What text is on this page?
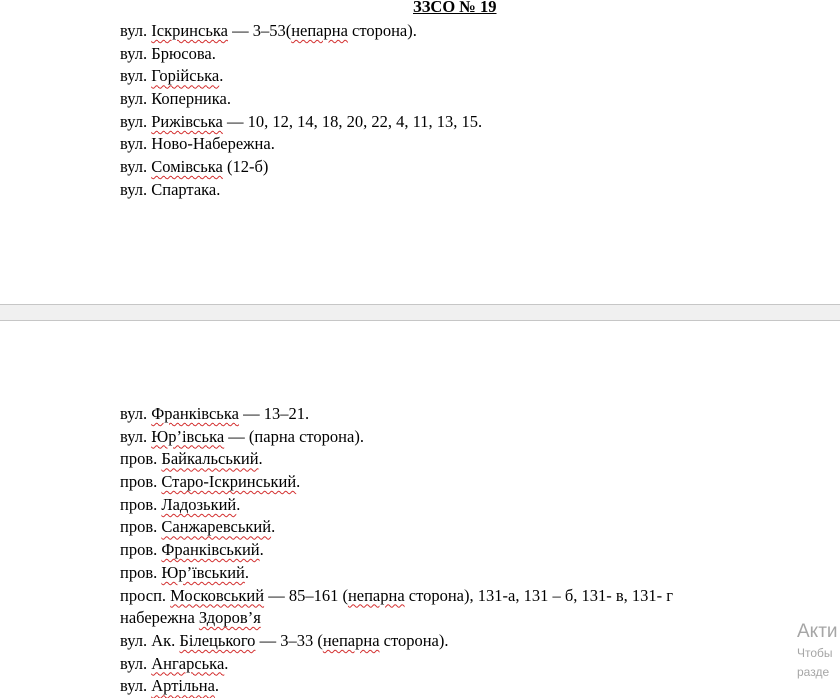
ЗЗСО № 19
вул. Іскринська — 3–53(непарна сторона).
вул. Брюсова.
вул. Горійська.
вул. Коперника.
вул. Рижівська — 10, 12, 14, 18, 20, 22, 4, 11, 13, 15.
вул. Ново-Набережна.
вул. Сомівська (12-б)
вул. Спартака.
вул. Франківська — 13–21.
вул. Юр’івська — (парна сторона).
пров. Байкальський.
пров. Старо-Іскринський.
пров. Ладозький.
пров. Санжаревський.
пров. Франківський.
пров. Юр’ївський.
просп. Московський — 85–161 (непарна сторона), 131-а, 131 – б, 131- в, 131- г
набережна Здоров’я
вул. Ак. Білецького — 3–33 (непарна сторона).
вул. Ангарська.
вул. Артільна.
Акти
Чтобы
разде
